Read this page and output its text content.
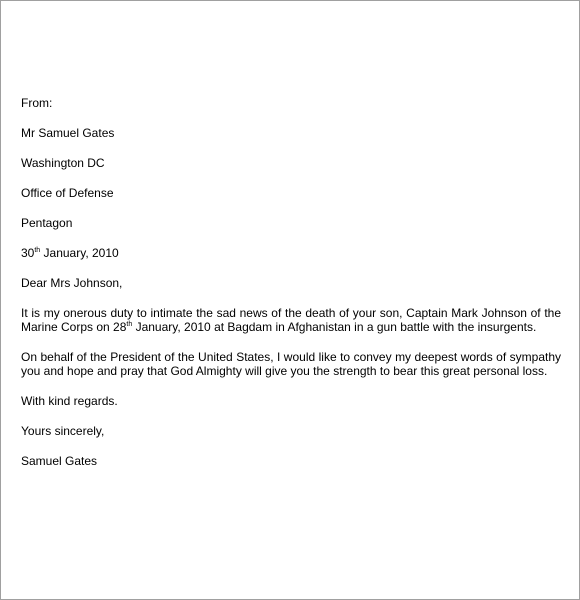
From:
Mr Samuel Gates
Washington DC
Office of Defense
Pentagon
30th January, 2010
Dear Mrs Johnson,
It is my onerous duty to intimate the sad news of the death of your son, Captain Mark Johnson of the Marine Corps on 28th January, 2010 at Bagdam in Afghanistan in a gun battle with the insurgents.
On behalf of the President of the United States, I would like to convey my deepest words of sympathy you and hope and pray that God Almighty will give you the strength to bear this great personal loss.
With kind regards.
Yours sincerely,
Samuel Gates
